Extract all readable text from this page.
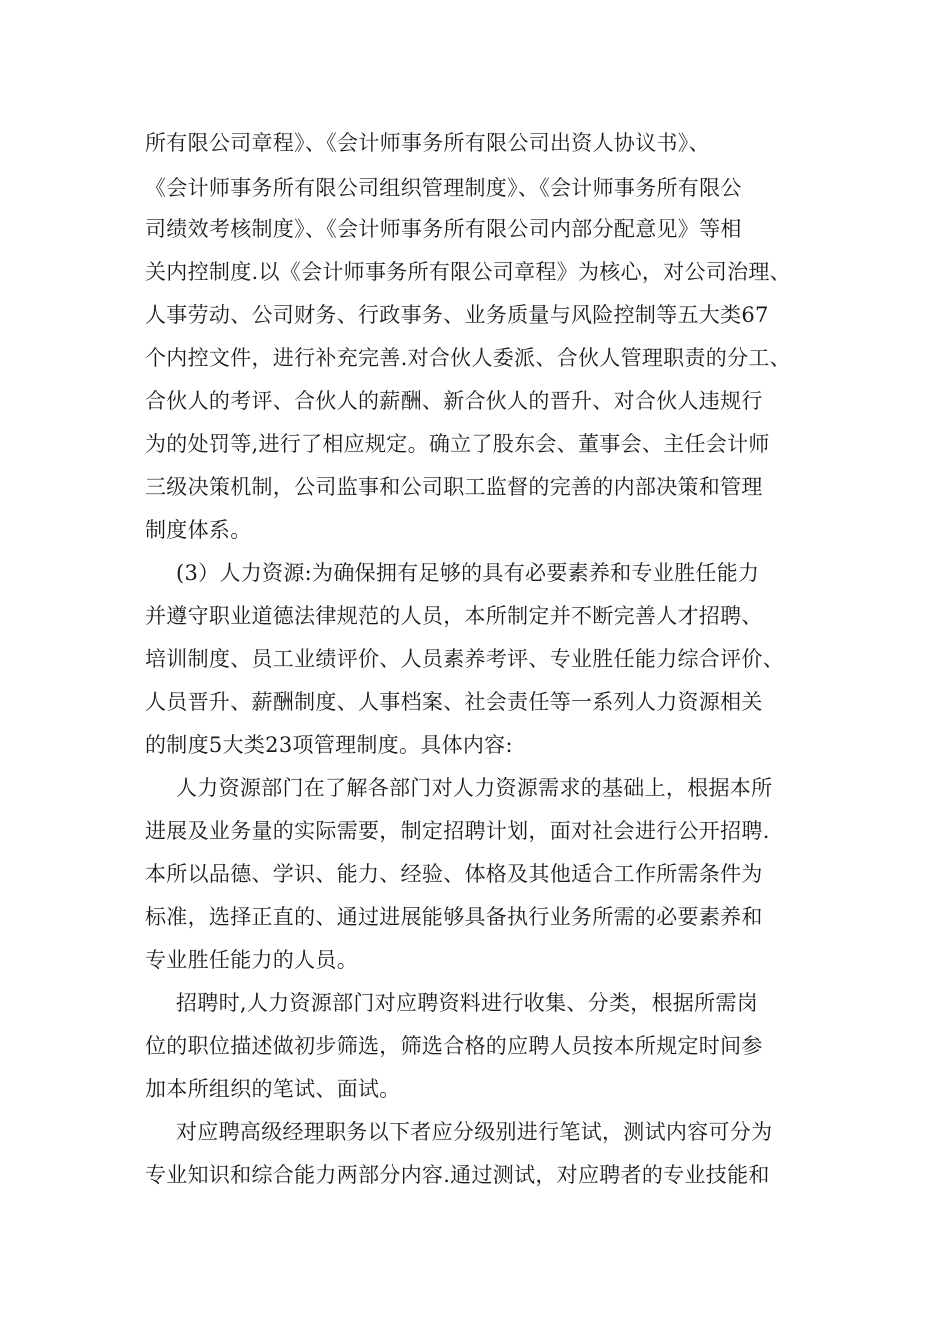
所有限公司章程》、《会计师事务所有限公司出资人协议书》、
《会计师事务所有限公司组织管理制度》、《会计师事务所有限公
司绩效考核制度》、《会计师事务所有限公司内部分配意见》等相
关内控制度.以《会计师事务所有限公司章程》为核心，对公司治理、
人事劳动、公司财务、行政事务、业务质量与风险控制等五大类67
个内控文件，进行补充完善.对合伙人委派、合伙人管理职责的分工、
合伙人的考评、合伙人的薪酬、新合伙人的晋升、对合伙人违规行
为的处罚等,进行了相应规定。确立了股东会、董事会、主任会计师
三级决策机制，公司监事和公司职工监督的完善的内部决策和管理
制度体系。
(3）人力资源:为确保拥有足够的具有必要素养和专业胜任能力
并遵守职业道德法律规范的人员，本所制定并不断完善人才招聘、
培训制度、员工业绩评价、人员素养考评、专业胜任能力综合评价、
人员晋升、薪酬制度、人事档案、社会责任等一系列人力资源相关
的制度5大类23项管理制度。具体内容:
人力资源部门在了解各部门对人力资源需求的基础上，根据本所
进展及业务量的实际需要，制定招聘计划，面对社会进行公开招聘.
本所以品德、学识、能力、经验、体格及其他适合工作所需条件为
标准，选择正直的、通过进展能够具备执行业务所需的必要素养和
专业胜任能力的人员。
招聘时,人力资源部门对应聘资料进行收集、分类，根据所需岗
位的职位描述做初步筛选，筛选合格的应聘人员按本所规定时间参
加本所组织的笔试、面试。
对应聘高级经理职务以下者应分级别进行笔试，测试内容可分为
专业知识和综合能力两部分内容.通过测试，对应聘者的专业技能和
